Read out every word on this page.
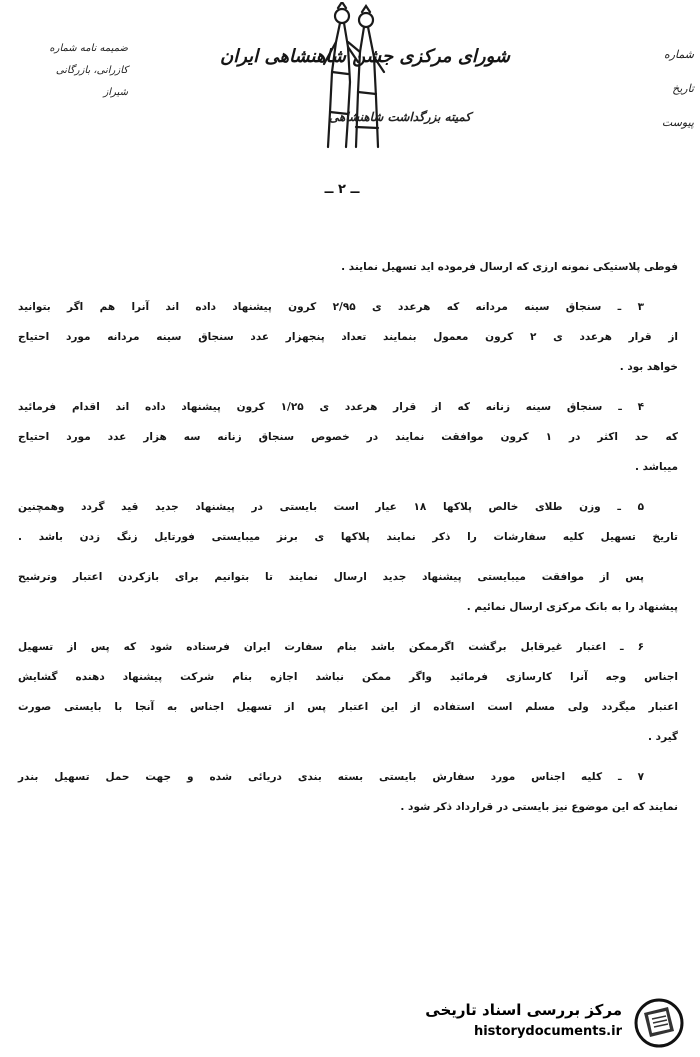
ضمیمه نامه شماره
کازرانی، بازرگانی
شیراز
شماره
تاریخ
پیوست
شورای مرکزی جشن شاهنشاهی ایران
کمیته بزرگداشت شاهنشاهی
ــ ۲ ــ
فوطی پلاستیکی نمونه ارزی که ارسال فرموده اید تسهیل نمایند .
۳ ـ سنجاق سینه مردانه که هرعدد ی ۲/۹۵ کرون پیشنهاد داده اند آنرا هم اگر بتوانید
از قرار هرعدد ی ۲ کرون معمول بنمایند تعداد پنجهزار عدد سنجاق سینه مردانه مورد احتیاج
خواهد بود .
۴ ـ سنجاق سینه زنانه که از قرار هرعدد ی ۱/۲۵ کرون پیشنهاد داده اند اقدام فرمائید
که حد اکثر در ۱ کرون موافقت نمایند در خصوص سنجاق زنانه سه هزار عدد مورد احتیاج
میباشد .
۵ ـ وزن طلای خالص پلاکها ۱۸ عیار است بایستی در پیشنهاد جدید قید گردد وهمچنین
تاریخ تسهیل کلیه سفارشات را ذکر نمایند پلاکها ی برنز میبایستی فورتایل زنگ زدن باشد .
پس از موافقت میبایستی پیشنهاد جدید ارسال نمایند تا بتوانیم برای بازکردن اعتبار وترشیح
پیشنهاد را به بانک مرکزی ارسال نمائیم .
۶ ـ اعتبار غیرقابل برگشت اگرممکن باشد بنام سفارت ایران فرستاده شود که پس از تسهیل
اجناس وجه آنرا کارسازی فرمائید واگر ممکن نباشد اجازه بنام شرکت پیشنهاد دهنده گشایش
اعتبار میگردد ولی مسلم است استفاده از این اعتبار پس از تسهیل اجناس به آنجا با بایستی صورت
گیرد .
۷ ـ کلیه اجناس مورد سفارش بایستی بسته بندی دریائی شده و جهت حمل تسهیل بندر
نمایند که این موضوع نیز بایستی در قرارداد ذکر شود .
مرکز بررسی اسناد تاریخی
historydocuments.ir
